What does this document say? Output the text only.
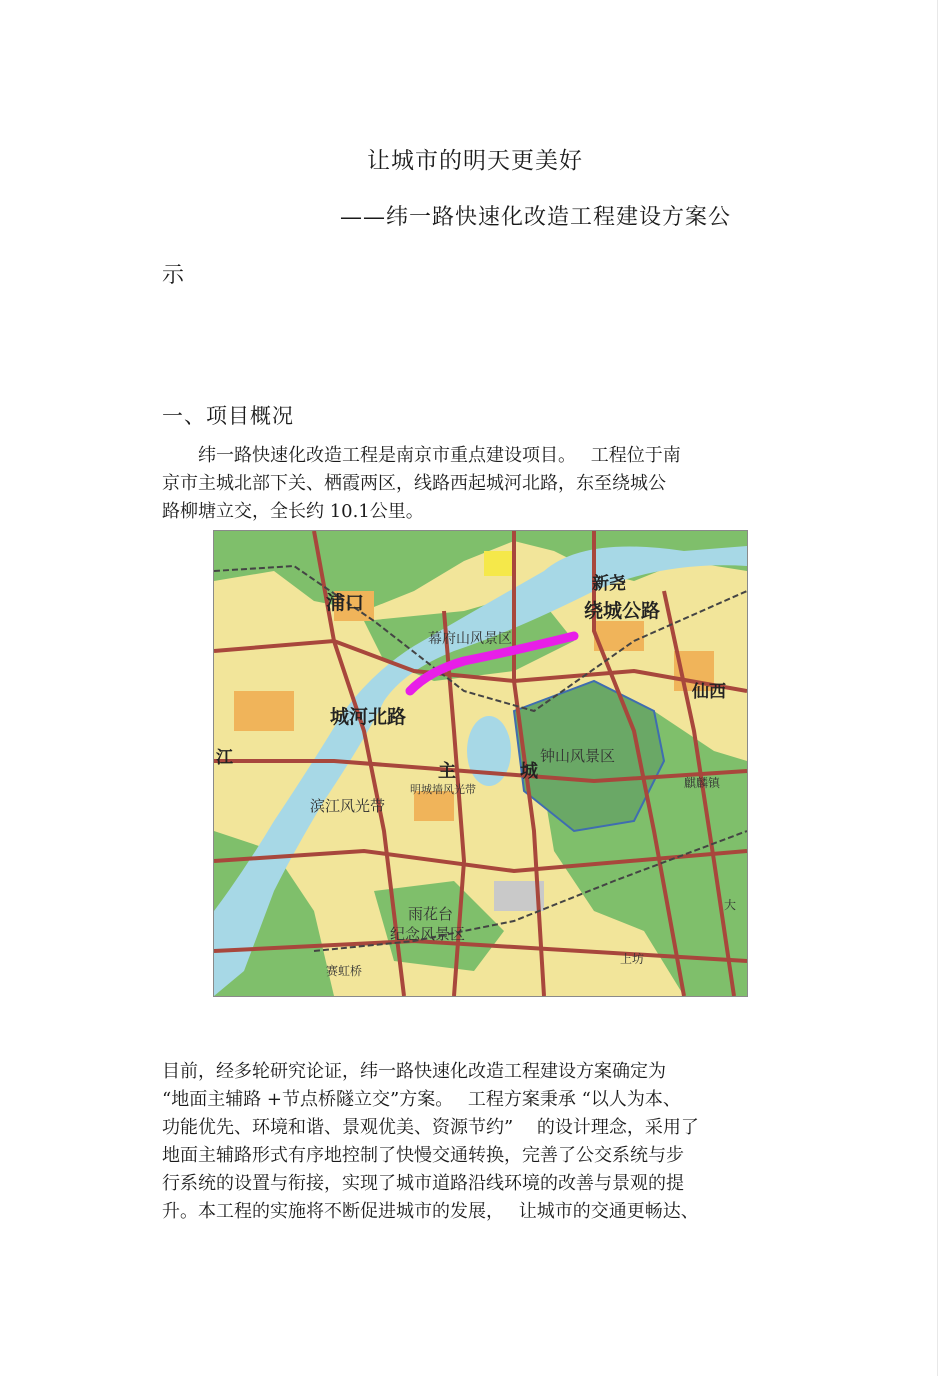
让城市的明天更美好
——纬一路快速化改造工程建设方案公
示
一、项目概况
　　纬一路快速化改造工程是南京市重点建设项目。　 工程位于南
京市主城北部下关、栖霞两区，线路西起城河北路，东至绕城公
路柳塘立交，全长约 10.1公里。
浦口
新尧
绕城公路
仙西
城河北路
江
主	城
幕府山风景区
钟山风景区
麒麟镇
滨江风光带
明城墙风光带
雨花台
纪念风景区
大
上坊
赛虹桥
目前，经多轮研究论证，纬一路快速化改造工程建设方案确定为
“地面主辅路 +节点桥隧立交”方案。　 工程方案秉承 “以人为本、
功能优先、环境和谐、景观优美、资源节约”　 的设计理念，采用了
地面主辅路形式有序地控制了快慢交通转换，完善了公交系统与步
行系统的设置与衔接，实现了城市道路沿线环境的改善与景观的提
升。本工程的实施将不断促进城市的发展，　 让城市的交通更畅达、
